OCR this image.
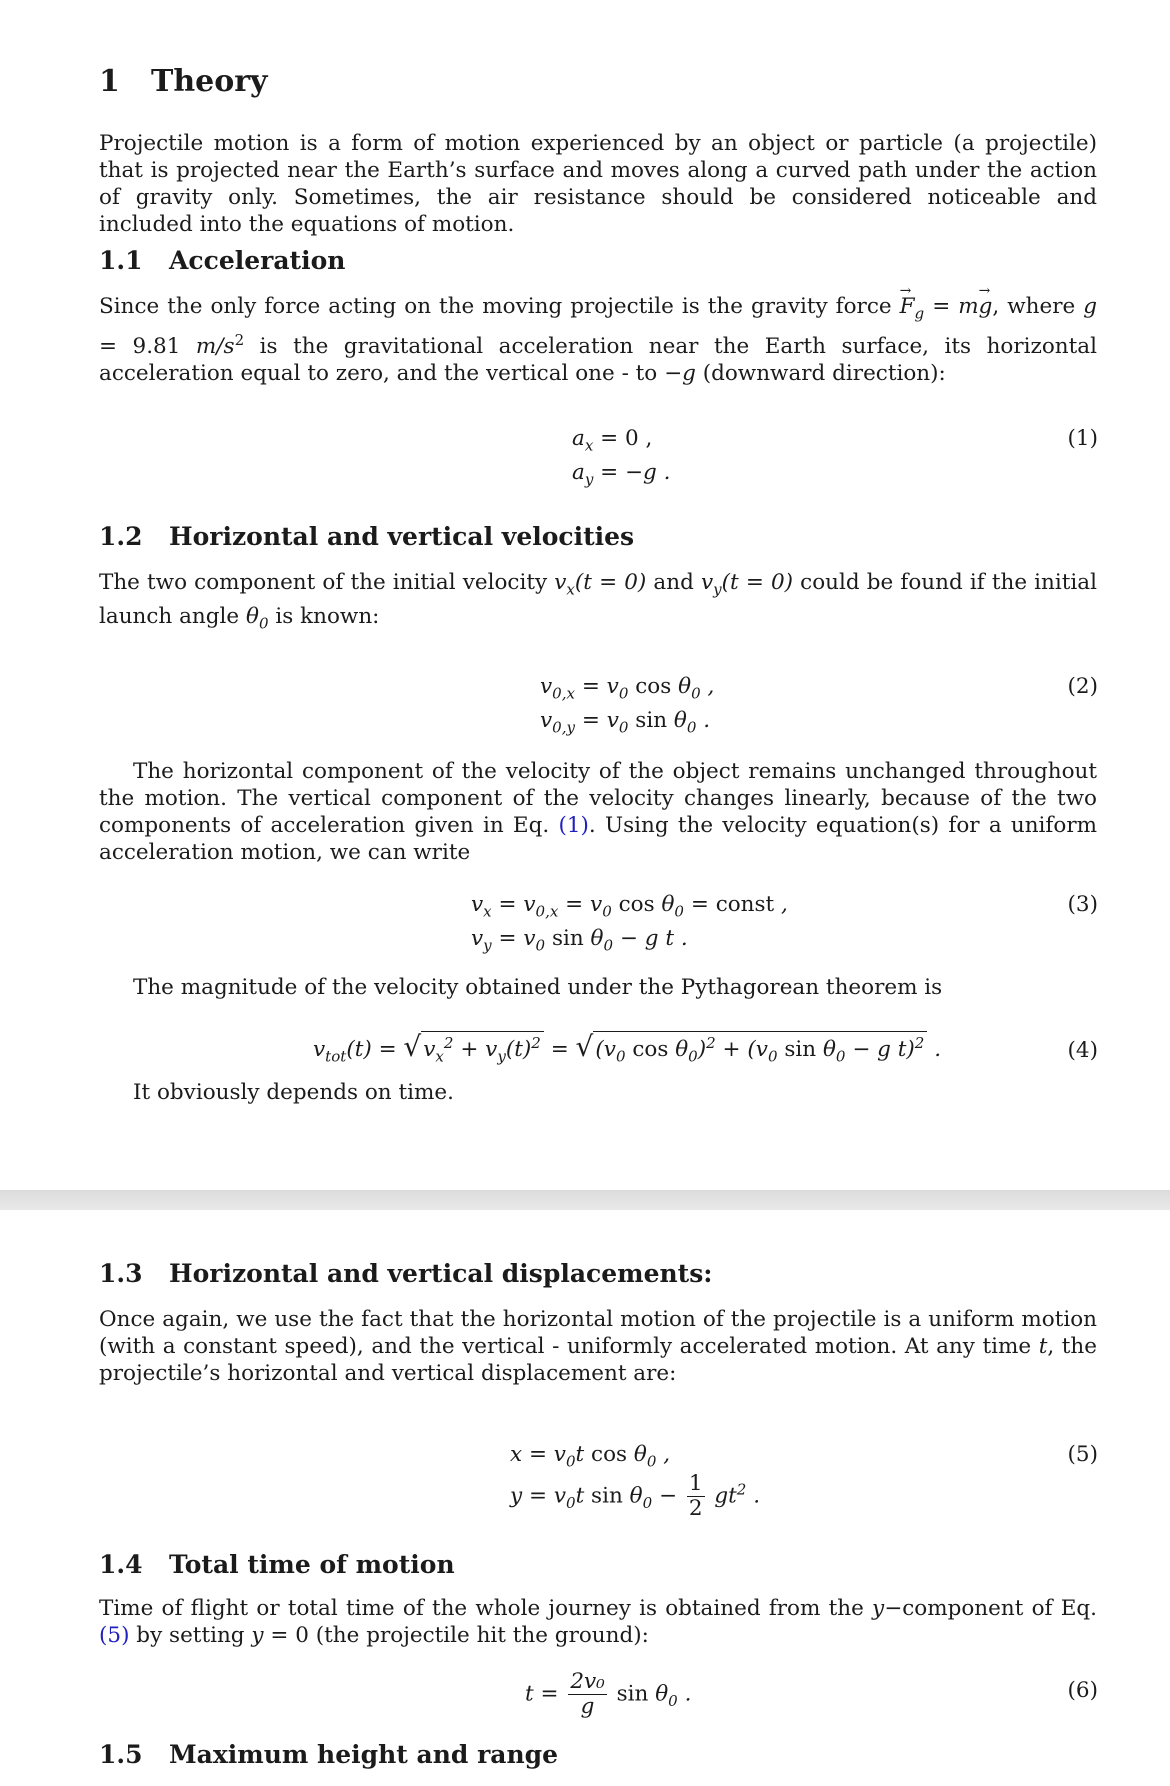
1 Theory

Projectile motion is a form of motion experienced by an object or particle (a projectile) that is projected near the Earth’s surface and moves along a curved path under the action of gravity only. Sometimes, the air resistance should be considered noticeable and included into the equations of motion.

1.1 Acceleration

Since the only force acting on the moving projectile is the gravity force → $F_g = m\to g$, where g = 9.81 $m/s^2$ is the gravitational acceleration near the Earth surface, its horizontal acceleration equal to zero, and the vertical one - to −g (downward direction):

$a_x = 0$ ,
$a_y = -g$ .
(1)
1.2 Horizontal and vertical velocities

The two component of the initial velocity $v_x(t = 0)$ and $v_y(t = 0)$ could be found if the initial launch angle $\theta_0$ is known:

$v_{0,x} = v_0$ $\cos \theta_0$ ,
$v_{0,y} = v_0$ $\sin \theta_0$ .
(2)

The horizontal component of the velocity of the object remains unchanged throughout the motion. The vertical component of the velocity changes linearly, because of the two components of acceleration given in Eq. (1). Using the velocity equation(s) for a uniform acceleration motion, we can write

$v_x = v_{0,x} = v_0$ $\cos \theta_0$ = const ,
$v_y = v_0$ $\sin \theta_0 - g$ t .
(3)
The magnitude of the velocity obtained under the Pythagorean theorem is
$v_{tot}(t) = √v_x^2 + v_y(t)^2 = √(v_0$ $\cos \theta_0)^2 + (v_0$ $\sin \theta_0 - g$ t)$^2$ .	(4)
It obviously depends on time.
1.3 Horizontal and vertical displacements:

Once again, we use the fact that the horizontal motion of the projectile is a uniform motion (with a constant speed), and the vertical - uniformly accelerated motion. At any time t, the projectile’s horizontal and vertical displacement are:

$x = v_0t$ $\cos \theta_0$ ,
$y = v_0t$ $\sin \theta_0 - \frac{1}{2} gt^2$ .
(5)
1.4 Total time of motion

Time of flight or total time of the whole journey is obtained from the y−component of Eq. (5) by setting y = 0 (the projectile hit the ground):

$t = \frac{\text{2v₀}}{g}$ $\sin \theta_0$ .	(6)
1.5 Maximum height and range
